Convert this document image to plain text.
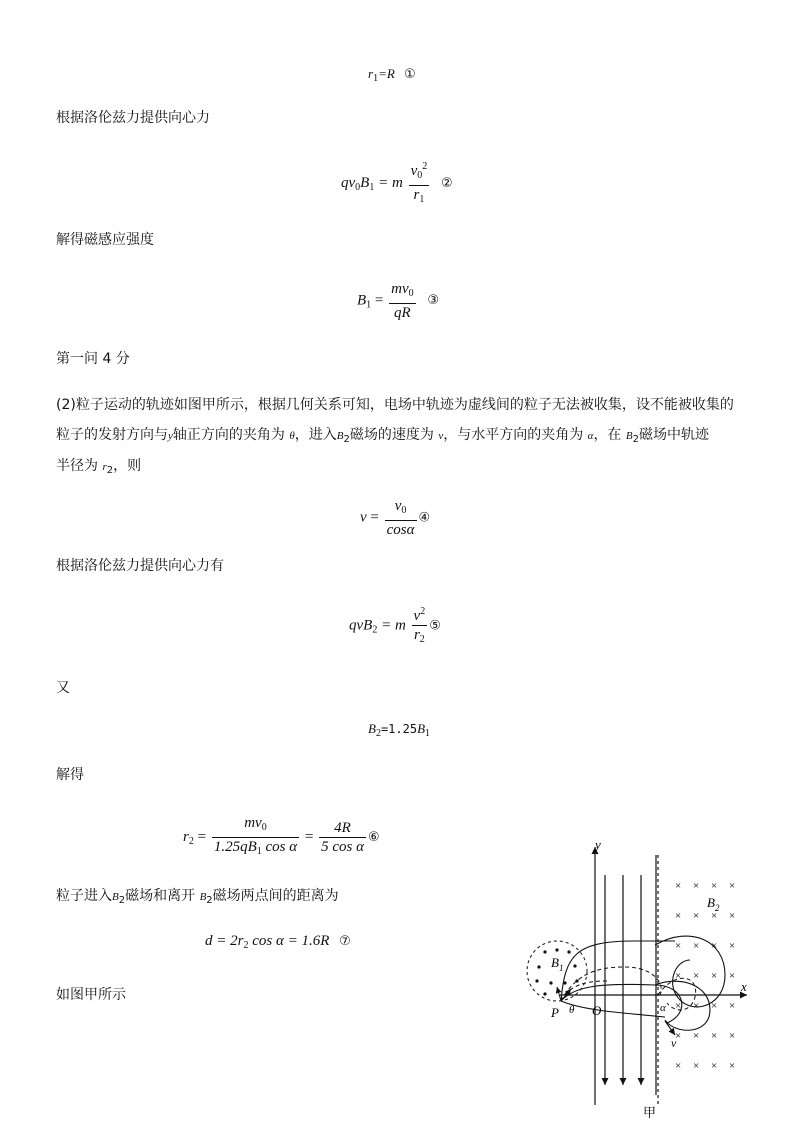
$r_1=R$ ①
根据洛伦兹力提供向心力
$qv_0B_1 = m \frac{v_0^2}{r_1}$ ②
解得磁感应强度
$B_1 = \frac{mv_0}{qR}$ ③
第一问 4 分
(2)粒子运动的轨迹如图甲所示，根据几何关系可知，电场中轨迹为虚线间的粒子无法被收集，设不能被收集的
粒子的发射方向与y轴正方向的夹角为 θ，进入$B_2$磁场的速度为 v，与水平方向的夹角为 α，在 $B_2$磁场中轨迹
半径为 $r_2$，则
$v = \frac{v_0}{\cos\alpha}$ ④
根据洛伦兹力提供向心力有
qvB$_2$ = m $\frac{v^2}{r_2}$ ⑤
又
$B_2=1.25B_1$
解得
$r_2 = \frac{mv_0}{1.25qB_1 \cos \alpha} = \frac{4R}{\text{5 cos α}}$ ⑥
粒子进入$B_2$磁场和离开 $B_2$磁场两点间的距离为
$d = 2r_2$ cos α = 1.6R ⑦
如图甲所示
y
x
$B_1$
× × × ×
× × × ×
× × × ×
× × × ×
× × × ×
× × × ×
× × × ×
$B_2$
P θ O	α
v
甲
